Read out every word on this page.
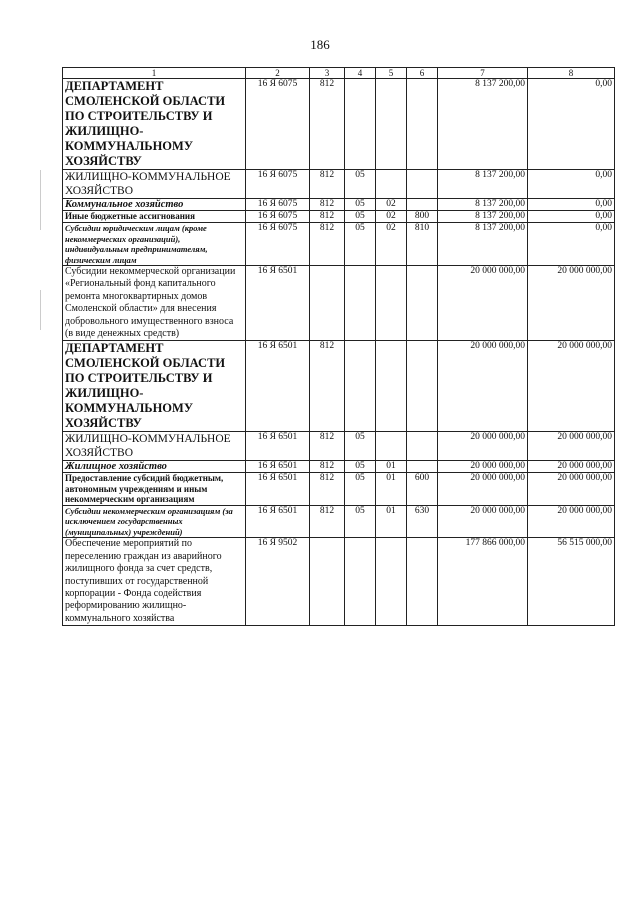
186
1	2	3	4	5	6	7	8
ДЕПАРТАМЕНТ СМОЛЕНСКОЙ ОБЛАСТИ ПО СТРОИТЕЛЬСТВУ И ЖИЛИЩНО-КОММУНАЛЬНОМУ ХОЗЯЙСТВУ	16 Я 6075	812				8 137 200,00	0,00
ЖИЛИЩНО-КОММУНАЛЬНОЕ ХОЗЯЙСТВО	16 Я 6075	812	05			8 137 200,00	0,00
Коммунальное хозяйство	16 Я 6075	812	05	02		8 137 200,00	0,00
Иные бюджетные ассигнования	16 Я 6075	812	05	02	800	8 137 200,00	0,00
Субсидии юридическим лицам (кроме некоммерческих организаций), индивидуальным предпринимателям, физическим лицам	16 Я 6075	812	05	02	810	8 137 200,00	0,00
Субсидии некоммерческой организации «Региональный фонд капитального ремонта многоквартирных домов Смоленской области» для внесения добровольного имущественного взноса (в виде денежных средств)	16 Я 6501					20 000 000,00	20 000 000,00
ДЕПАРТАМЕНТ СМОЛЕНСКОЙ ОБЛАСТИ ПО СТРОИТЕЛЬСТВУ И ЖИЛИЩНО-КОММУНАЛЬНОМУ ХОЗЯЙСТВУ	16 Я 6501	812				20 000 000,00	20 000 000,00
ЖИЛИЩНО-КОММУНАЛЬНОЕ ХОЗЯЙСТВО	16 Я 6501	812	05			20 000 000,00	20 000 000,00
Жилищное хозяйство	16 Я 6501	812	05	01		20 000 000,00	20 000 000,00
Предоставление субсидий бюджетным, автономным учреждениям и иным некоммерческим организациям	16 Я 6501	812	05	01	600	20 000 000,00	20 000 000,00
Субсидии некоммерческим организациям (за исключением государственных (муниципальных) учреждений)	16 Я 6501	812	05	01	630	20 000 000,00	20 000 000,00
Обеспечение мероприятий по переселению граждан из аварийного жилищного фонда за счет средств, поступивших от государственной корпорации - Фонда содействия реформированию жилищно-коммунального хозяйства	16 Я 9502					177 866 000,00	56 515 000,00
